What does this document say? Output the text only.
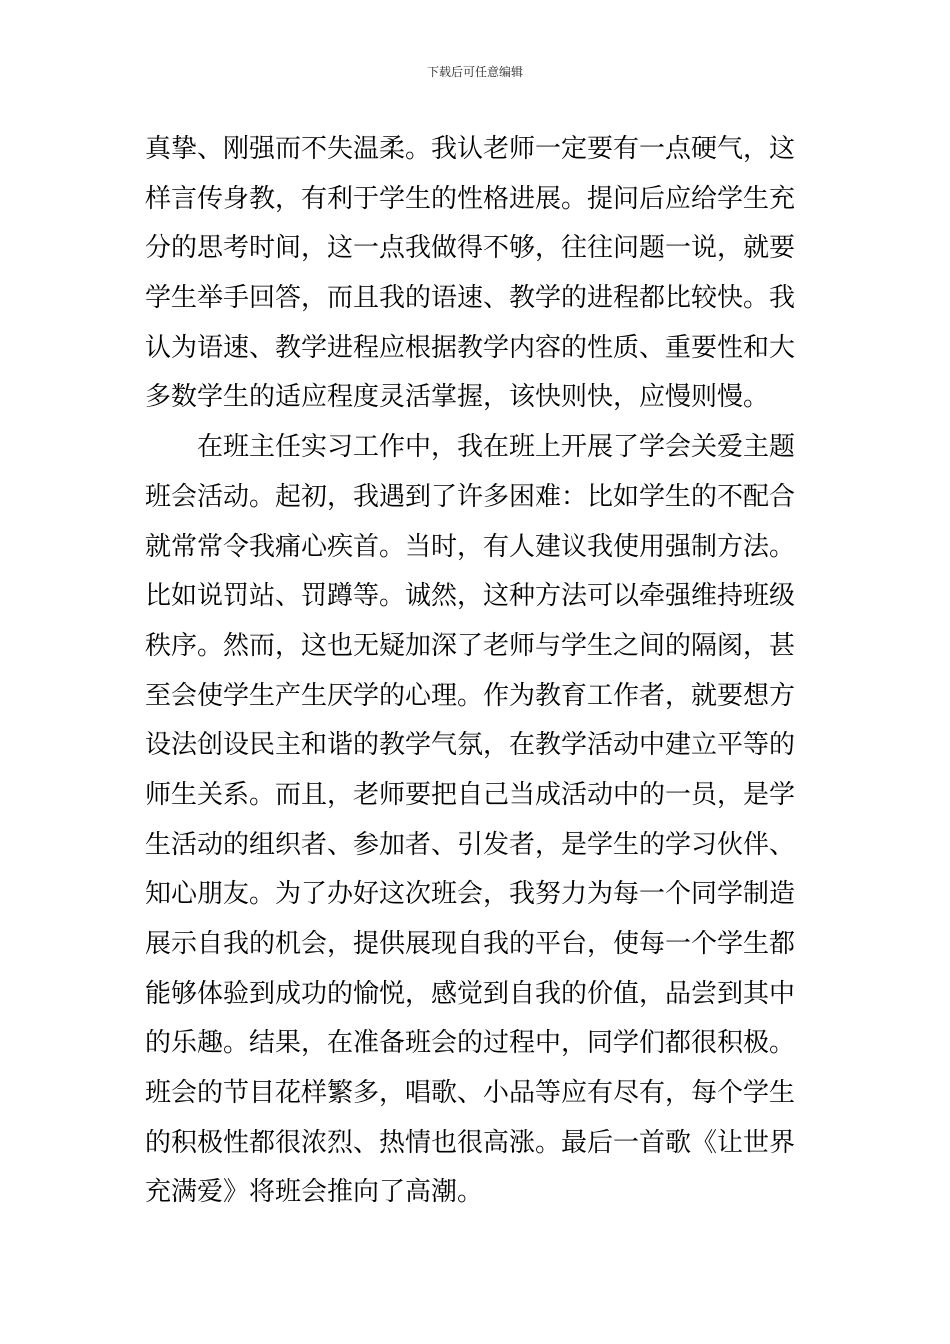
下载后可任意编辑
真挚、刚强而不失温柔。我认老师一定要有一点硬气，这
样言传身教，有利于学生的性格进展。提问后应给学生充
分的思考时间，这一点我做得不够，往往问题一说，就要
学生举手回答，而且我的语速、教学的进程都比较快。我
认为语速、教学进程应根据教学内容的性质、重要性和大
多数学生的适应程度灵活掌握，该快则快，应慢则慢。
　　在班主任实习工作中，我在班上开展了学会关爱主题
班会活动。起初，我遇到了许多困难：比如学生的不配合
就常常令我痛心疾首。当时，有人建议我使用强制方法。
比如说罚站、罚蹲等。诚然，这种方法可以牵强维持班级
秩序。然而，这也无疑加深了老师与学生之间的隔阂，甚
至会使学生产生厌学的心理。作为教育工作者，就要想方
设法创设民主和谐的教学气氛，在教学活动中建立平等的
师生关系。而且，老师要把自己当成活动中的一员，是学
生活动的组织者、参加者、引发者，是学生的学习伙伴、
知心朋友。为了办好这次班会，我努力为每一个同学制造
展示自我的机会，提供展现自我的平台，使每一个学生都
能够体验到成功的愉悦，感觉到自我的价值，品尝到其中
的乐趣。结果，在准备班会的过程中，同学们都很积极。
班会的节目花样繁多，唱歌、小品等应有尽有，每个学生
的积极性都很浓烈、热情也很高涨。最后一首歌《让世界
充满爱》将班会推向了高潮。
